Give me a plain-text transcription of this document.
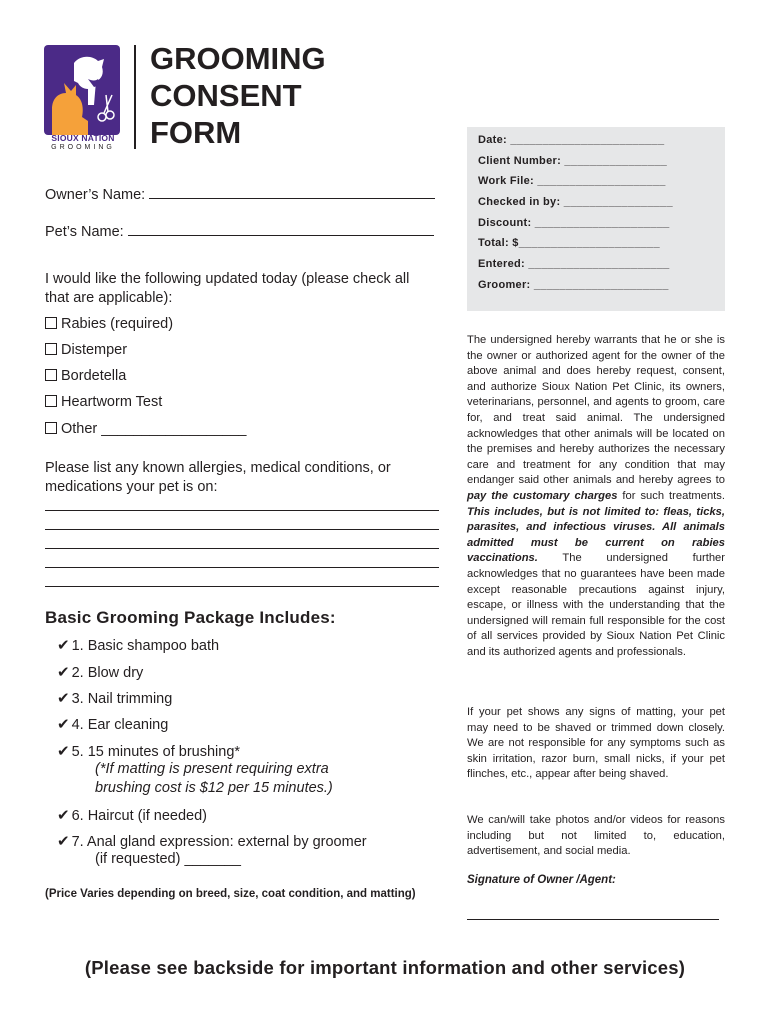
SIOUX NATION
GROOMING
GROOMING
CONSENT
FORM	Date: ________________________
Client Number: ________________
Work File: ____________________
Checked in by: _________________
Discount: _____________________
Total: $______________________
Entered: ______________________
Groomer: _____________________
Owner’s Name:
Pet’s Name:
I would like the following updated today (please check all that are applicable):
Rabies (required)
Distemper
Bordetella
Heartworm Test
Other __________________
Please list any known allergies, medical conditions, or medications your pet is on:
Basic Grooming Package Includes:
✔ 1. Basic shampoo bath
✔ 2. Blow dry
✔ 3. Nail trimming
✔ 4. Ear cleaning
✔ 5. 15 minutes of brushing*
(*If matting is present requiring extra
brushing cost is $12 per 15 minutes.)
✔ 6. Haircut (if needed)
✔ 7. Anal gland expression: external by groomer
(if requested) _______
(Price Varies depending on breed, size, coat condition, and matting)
The undersigned hereby warrants that he or she is the owner or authorized agent for the owner of the above animal and does hereby request, consent, and authorize Sioux Nation Pet Clinic, its owners, veterinarians, personnel, and agents to groom, care for, and treat said animal. The undersigned acknowledges that other animals will be located on the premises and hereby authorizes the necessary care and treatment for any condition that may endanger said other animals and hereby agrees to pay the customary charges for such treatments. This includes, but is not limited to: fleas, ticks, parasites, and infectious viruses. All animals admitted must be current on rabies vaccinations. The undersigned further acknowledges that no guarantees have been made except reasonable precautions against injury, escape, or illness with the understanding that the undersigned will remain full responsible for the cost of all services provided by Sioux Nation Pet Clinic and its authorized agents and professionals.
If your pet shows any signs of matting, your pet may need to be shaved or trimmed down closely. We are not responsible for any symptoms such as skin irritation, razor burn, small nicks, if your pet flinches, etc., appear after being shaved.
We can/will take photos and/or videos for reasons including but not limited to, education, advertisement, and social media.
Signature of Owner /Agent:
(Please see backside for important information and other services)
